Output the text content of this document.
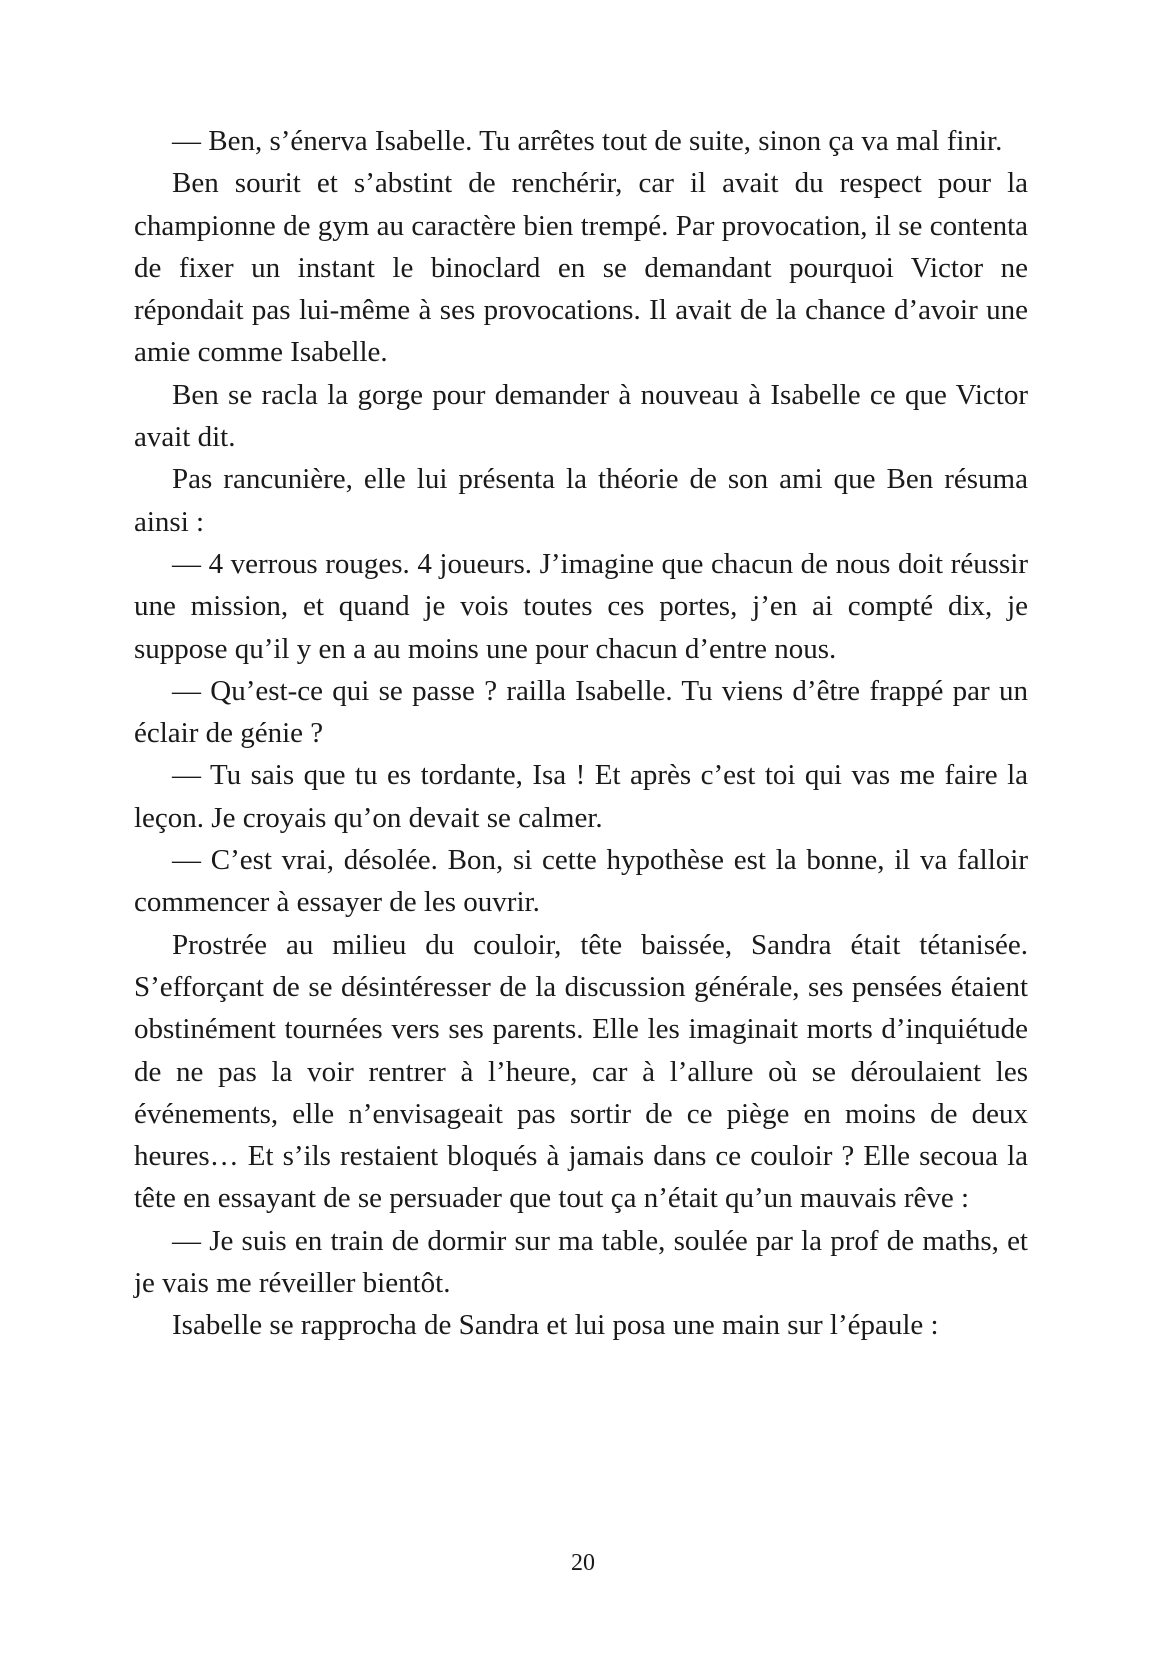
— Ben, s’énerva Isabelle. Tu arrêtes tout de suite, sinon ça va mal finir.

Ben sourit et s’abstint de renchérir, car il avait du respect pour la championne de gym au caractère bien trempé. Par provocation, il se contenta de fixer un instant le binoclard en se demandant pourquoi Victor ne répondait pas lui-même à ses provocations. Il avait de la chance d’avoir une amie comme Isabelle.

Ben se racla la gorge pour demander à nouveau à Isabelle ce que Victor avait dit.

Pas rancunière, elle lui présenta la théorie de son ami que Ben résuma ainsi :

— 4 verrous rouges. 4 joueurs. J’imagine que chacun de nous doit réussir une mission, et quand je vois toutes ces portes, j’en ai compté dix, je suppose qu’il y en a au moins une pour chacun d’entre nous.

— Qu’est-ce qui se passe ? railla Isabelle. Tu viens d’être frappé par un éclair de génie ?

— Tu sais que tu es tordante, Isa ! Et après c’est toi qui vas me faire la leçon. Je croyais qu’on devait se calmer.

— C’est vrai, désolée. Bon, si cette hypothèse est la bonne, il va falloir commencer à essayer de les ouvrir.

Prostrée au milieu du couloir, tête baissée, Sandra était tétanisée. S’efforçant de se désintéresser de la discussion générale, ses pensées étaient obstinément tournées vers ses parents. Elle les imaginait morts d’inquiétude de ne pas la voir rentrer à l’heure, car à l’allure où se déroulaient les événements, elle n’envisageait pas sortir de ce piège en moins de deux heures… Et s’ils restaient bloqués à jamais dans ce couloir ? Elle secoua la tête en essayant de se persuader que tout ça n’était qu’un mauvais rêve :

— Je suis en train de dormir sur ma table, soulée par la prof de maths, et je vais me réveiller bientôt.

Isabelle se rapprocha de Sandra et lui posa une main sur l’épaule :

20
